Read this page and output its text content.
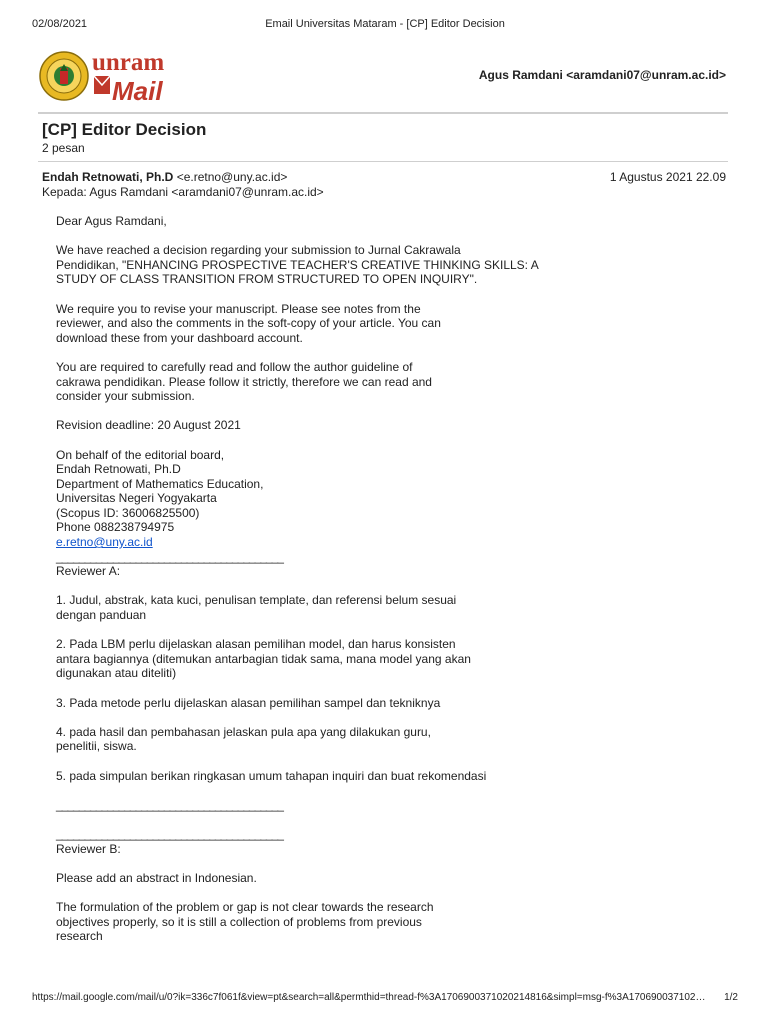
02/08/2021	Email Universitas Mataram - [CP] Editor Decision
unram
Mail
Agus Ramdani <aramdani07@unram.ac.id>
[CP] Editor Decision
2 pesan
Endah Retnowati, Ph.D <e.retno@uny.ac.id>
Kepada: Agus Ramdani <aramdani07@unram.ac.id>
1 Agustus 2021 22.09

Dear Agus Ramdani,

We have reached a decision regarding your submission to Jurnal Cakrawala
Pendidikan, "ENHANCING PROSPECTIVE TEACHER'S CREATIVE THINKING SKILLS: A
STUDY OF CLASS TRANSITION FROM STRUCTURED TO OPEN INQUIRY".

We require you to revise your manuscript. Please see notes from the
reviewer, and also the comments in the soft-copy of your article. You can
download these from your dashboard account.

You are required to carefully read and follow the author guideline of
cakrawa pendidikan. Please follow it strictly, therefore we can read and
consider your submission.

Revision deadline: 20 August 2021

On behalf of the editorial board,
Endah Retnowati, Ph.D
Department of Mathematics Education,
Universitas Negeri Yogyakarta
(Scopus ID: 36006825500)
Phone 088238794975
e.retno@uny.ac.id
________________________________________
Reviewer A:

1. Judul, abstrak, kata kuci, penulisan template, dan referensi belum sesuai
dengan panduan

2. Pada LBM perlu dijelaskan alasan pemilihan model, dan harus konsisten
antara bagiannya (ditemukan antarbagian tidak sama, mana model yang akan
digunakan atau diteliti)

3. Pada metode perlu dijelaskan alasan pemilihan sampel dan tekniknya

4. pada hasil dan pembahasan jelaskan pula apa yang dilakukan guru,
penelitii, siswa.

5. pada simpulan berikan ringkasan umum tahapan inquiri dan buat rekomendasi

________________________________________

________________________________________
Reviewer B:

Please add an abstract in Indonesian.

The formulation of the problem or gap is not clear towards the research
objectives properly, so it is still a collection of problems from previous
research

https://mail.google.com/mail/u/0?ik=336c7f061f&view=pt&search=all&permthid=thread-f%3A1706900371020214816&simpl=msg-f%3A170690037102…	1/2
